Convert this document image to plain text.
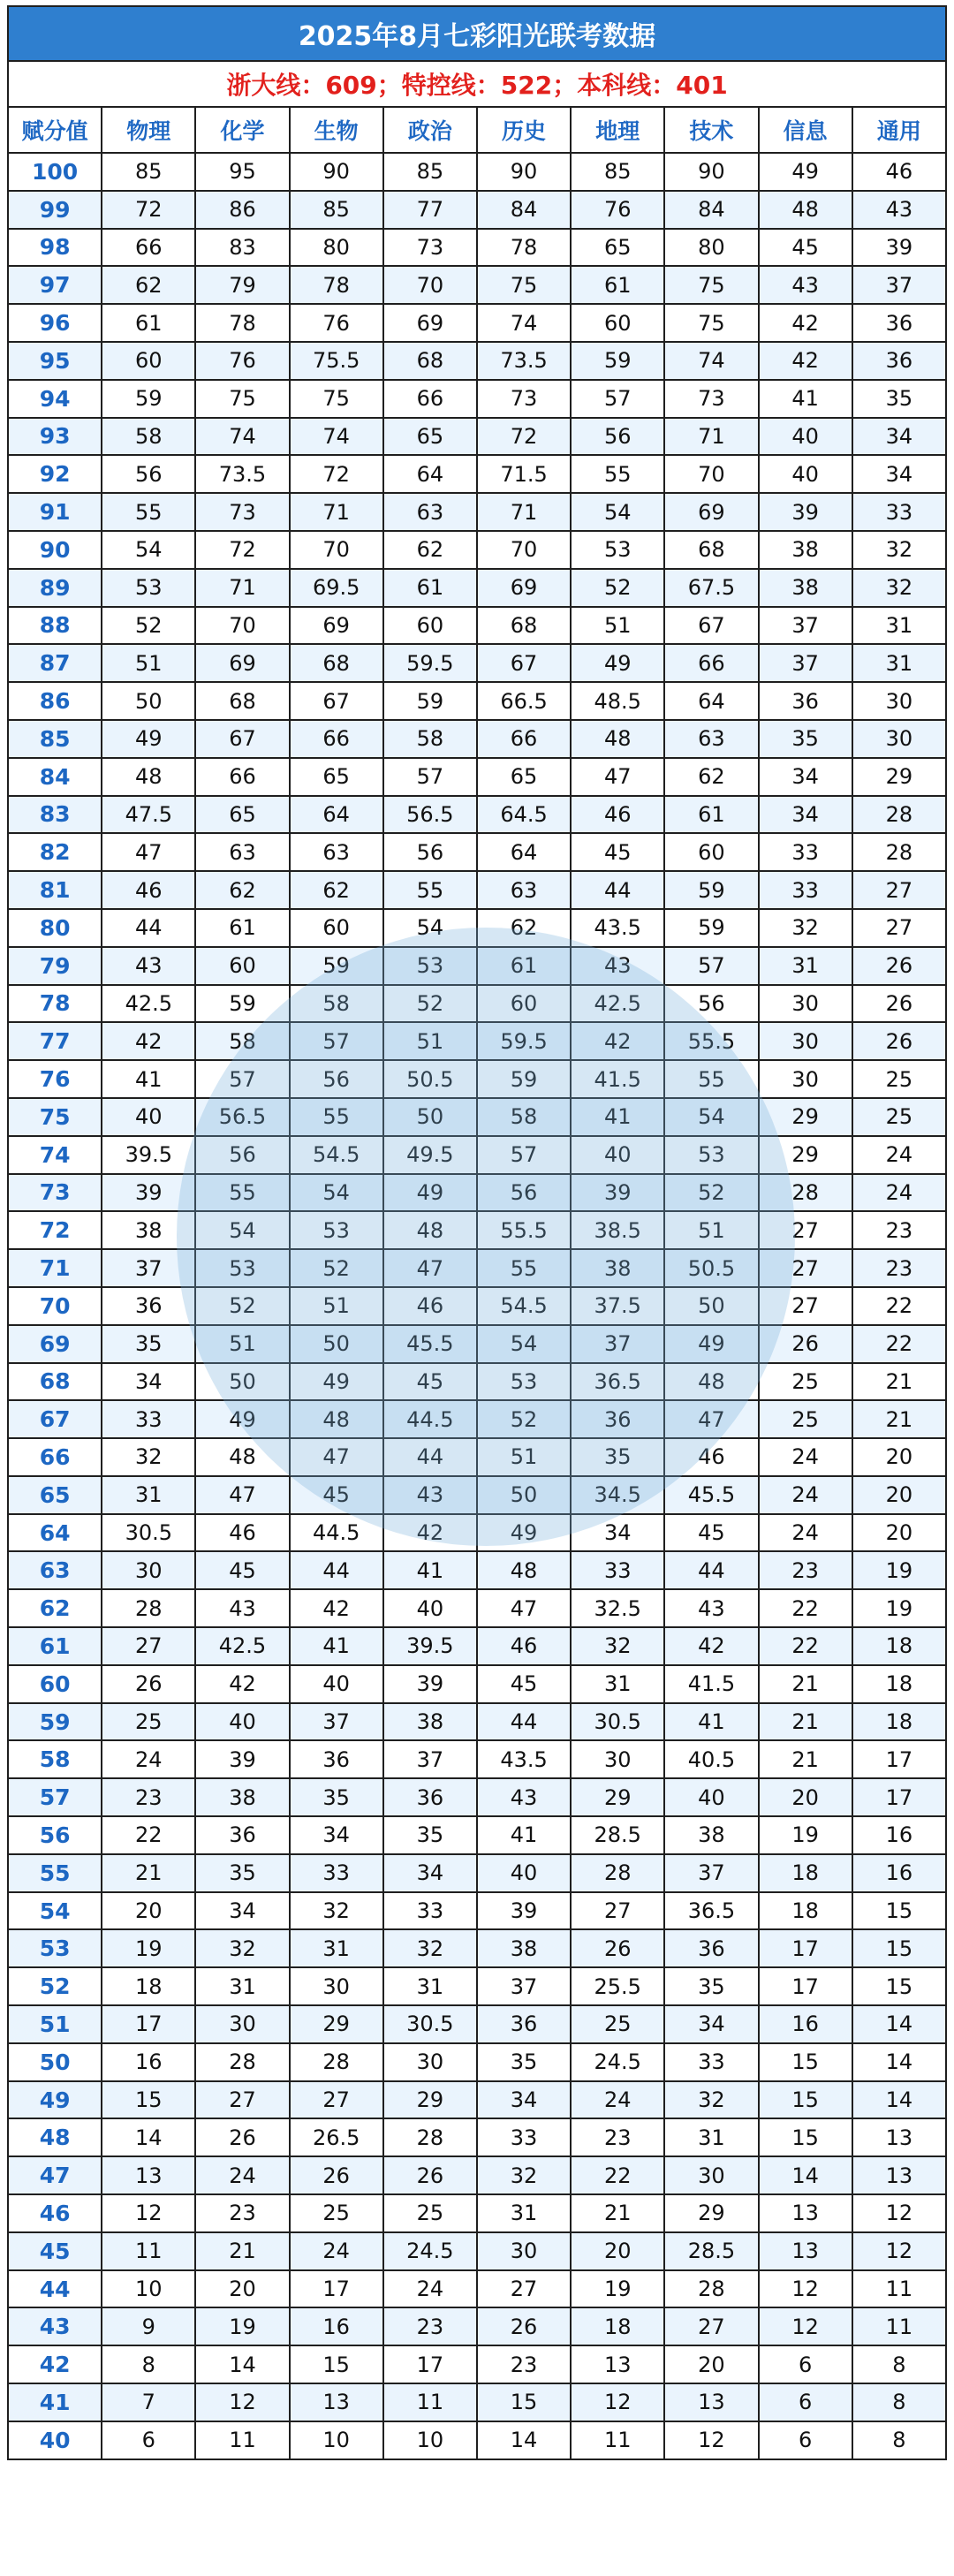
2025年8月七彩阳光联考数据									
浙大线：609；特控线：522；本科线：401									
赋分值	物理	化学	生物	政治	历史	地理	技术	信息	通用
100	85	95	90	85	90	85	90	49	46
99	72	86	85	77	84	76	84	48	43
98	66	83	80	73	78	65	80	45	39
97	62	79	78	70	75	61	75	43	37
96	61	78	76	69	74	60	75	42	36
95	60	76	75.5	68	73.5	59	74	42	36
94	59	75	75	66	73	57	73	41	35
93	58	74	74	65	72	56	71	40	34
92	56	73.5	72	64	71.5	55	70	40	34
91	55	73	71	63	71	54	69	39	33
90	54	72	70	62	70	53	68	38	32
89	53	71	69.5	61	69	52	67.5	38	32
88	52	70	69	60	68	51	67	37	31
87	51	69	68	59.5	67	49	66	37	31
86	50	68	67	59	66.5	48.5	64	36	30
85	49	67	66	58	66	48	63	35	30
84	48	66	65	57	65	47	62	34	29
83	47.5	65	64	56.5	64.5	46	61	34	28
82	47	63	63	56	64	45	60	33	28
81	46	62	62	55	63	44	59	33	27
80	44	61	60	54	62	43.5	59	32	27
79	43	60	59	53	61	43	57	31	26
78	42.5	59	58	52	60	42.5	56	30	26
77	42	58	57	51	59.5	42	55.5	30	26
76	41	57	56	50.5	59	41.5	55	30	25
75	40	56.5	55	50	58	41	54	29	25
74	39.5	56	54.5	49.5	57	40	53	29	24
73	39	55	54	49	56	39	52	28	24
72	38	54	53	48	55.5	38.5	51	27	23
71	37	53	52	47	55	38	50.5	27	23
70	36	52	51	46	54.5	37.5	50	27	22
69	35	51	50	45.5	54	37	49	26	22
68	34	50	49	45	53	36.5	48	25	21
67	33	49	48	44.5	52	36	47	25	21
66	32	48	47	44	51	35	46	24	20
65	31	47	45	43	50	34.5	45.5	24	20
64	30.5	46	44.5	42	49	34	45	24	20
63	30	45	44	41	48	33	44	23	19
62	28	43	42	40	47	32.5	43	22	19
61	27	42.5	41	39.5	46	32	42	22	18
60	26	42	40	39	45	31	41.5	21	18
59	25	40	37	38	44	30.5	41	21	18
58	24	39	36	37	43.5	30	40.5	21	17
57	23	38	35	36	43	29	40	20	17
56	22	36	34	35	41	28.5	38	19	16
55	21	35	33	34	40	28	37	18	16
54	20	34	32	33	39	27	36.5	18	15
53	19	32	31	32	38	26	36	17	15
52	18	31	30	31	37	25.5	35	17	15
51	17	30	29	30.5	36	25	34	16	14
50	16	28	28	30	35	24.5	33	15	14
49	15	27	27	29	34	24	32	15	14
48	14	26	26.5	28	33	23	31	15	13
47	13	24	26	26	32	22	30	14	13
46	12	23	25	25	31	21	29	13	12
45	11	21	24	24.5	30	20	28.5	13	12
44	10	20	17	24	27	19	28	12	11
43	9	19	16	23	26	18	27	12	11
42	8	14	15	17	23	13	20	6	8
41	7	12	13	11	15	12	13	6	8
40	6	11	10	10	14	11	12	6	8
